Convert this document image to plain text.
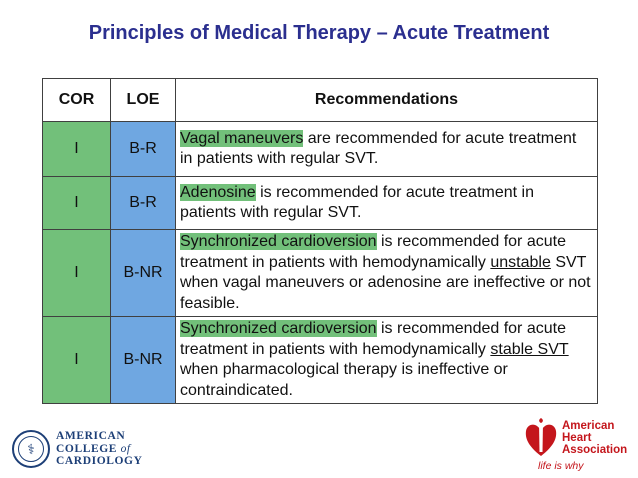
Principles of Medical Therapy – Acute Treatment
COR	LOE	Recommendations
I	B-R	Vagal maneuvers are recommended for acute treatment in patients with regular SVT.
I	B-R	Adenosine is recommended for acute treatment in patients with regular SVT.
I	B-NR	Synchronized cardioversion is recommended for acute treatment in patients with hemodynamically unstable SVT when vagal maneuvers or adenosine are ineffective or not feasible.
I	B-NR	Synchronized cardioversion is recommended for acute treatment in patients with hemodynamically stable SVT when pharmacological therapy is ineffective or contraindicated.
⚕
AMERICAN
COLLEGE of
CARDIOLOGY
American
Heart
Association
life is why
